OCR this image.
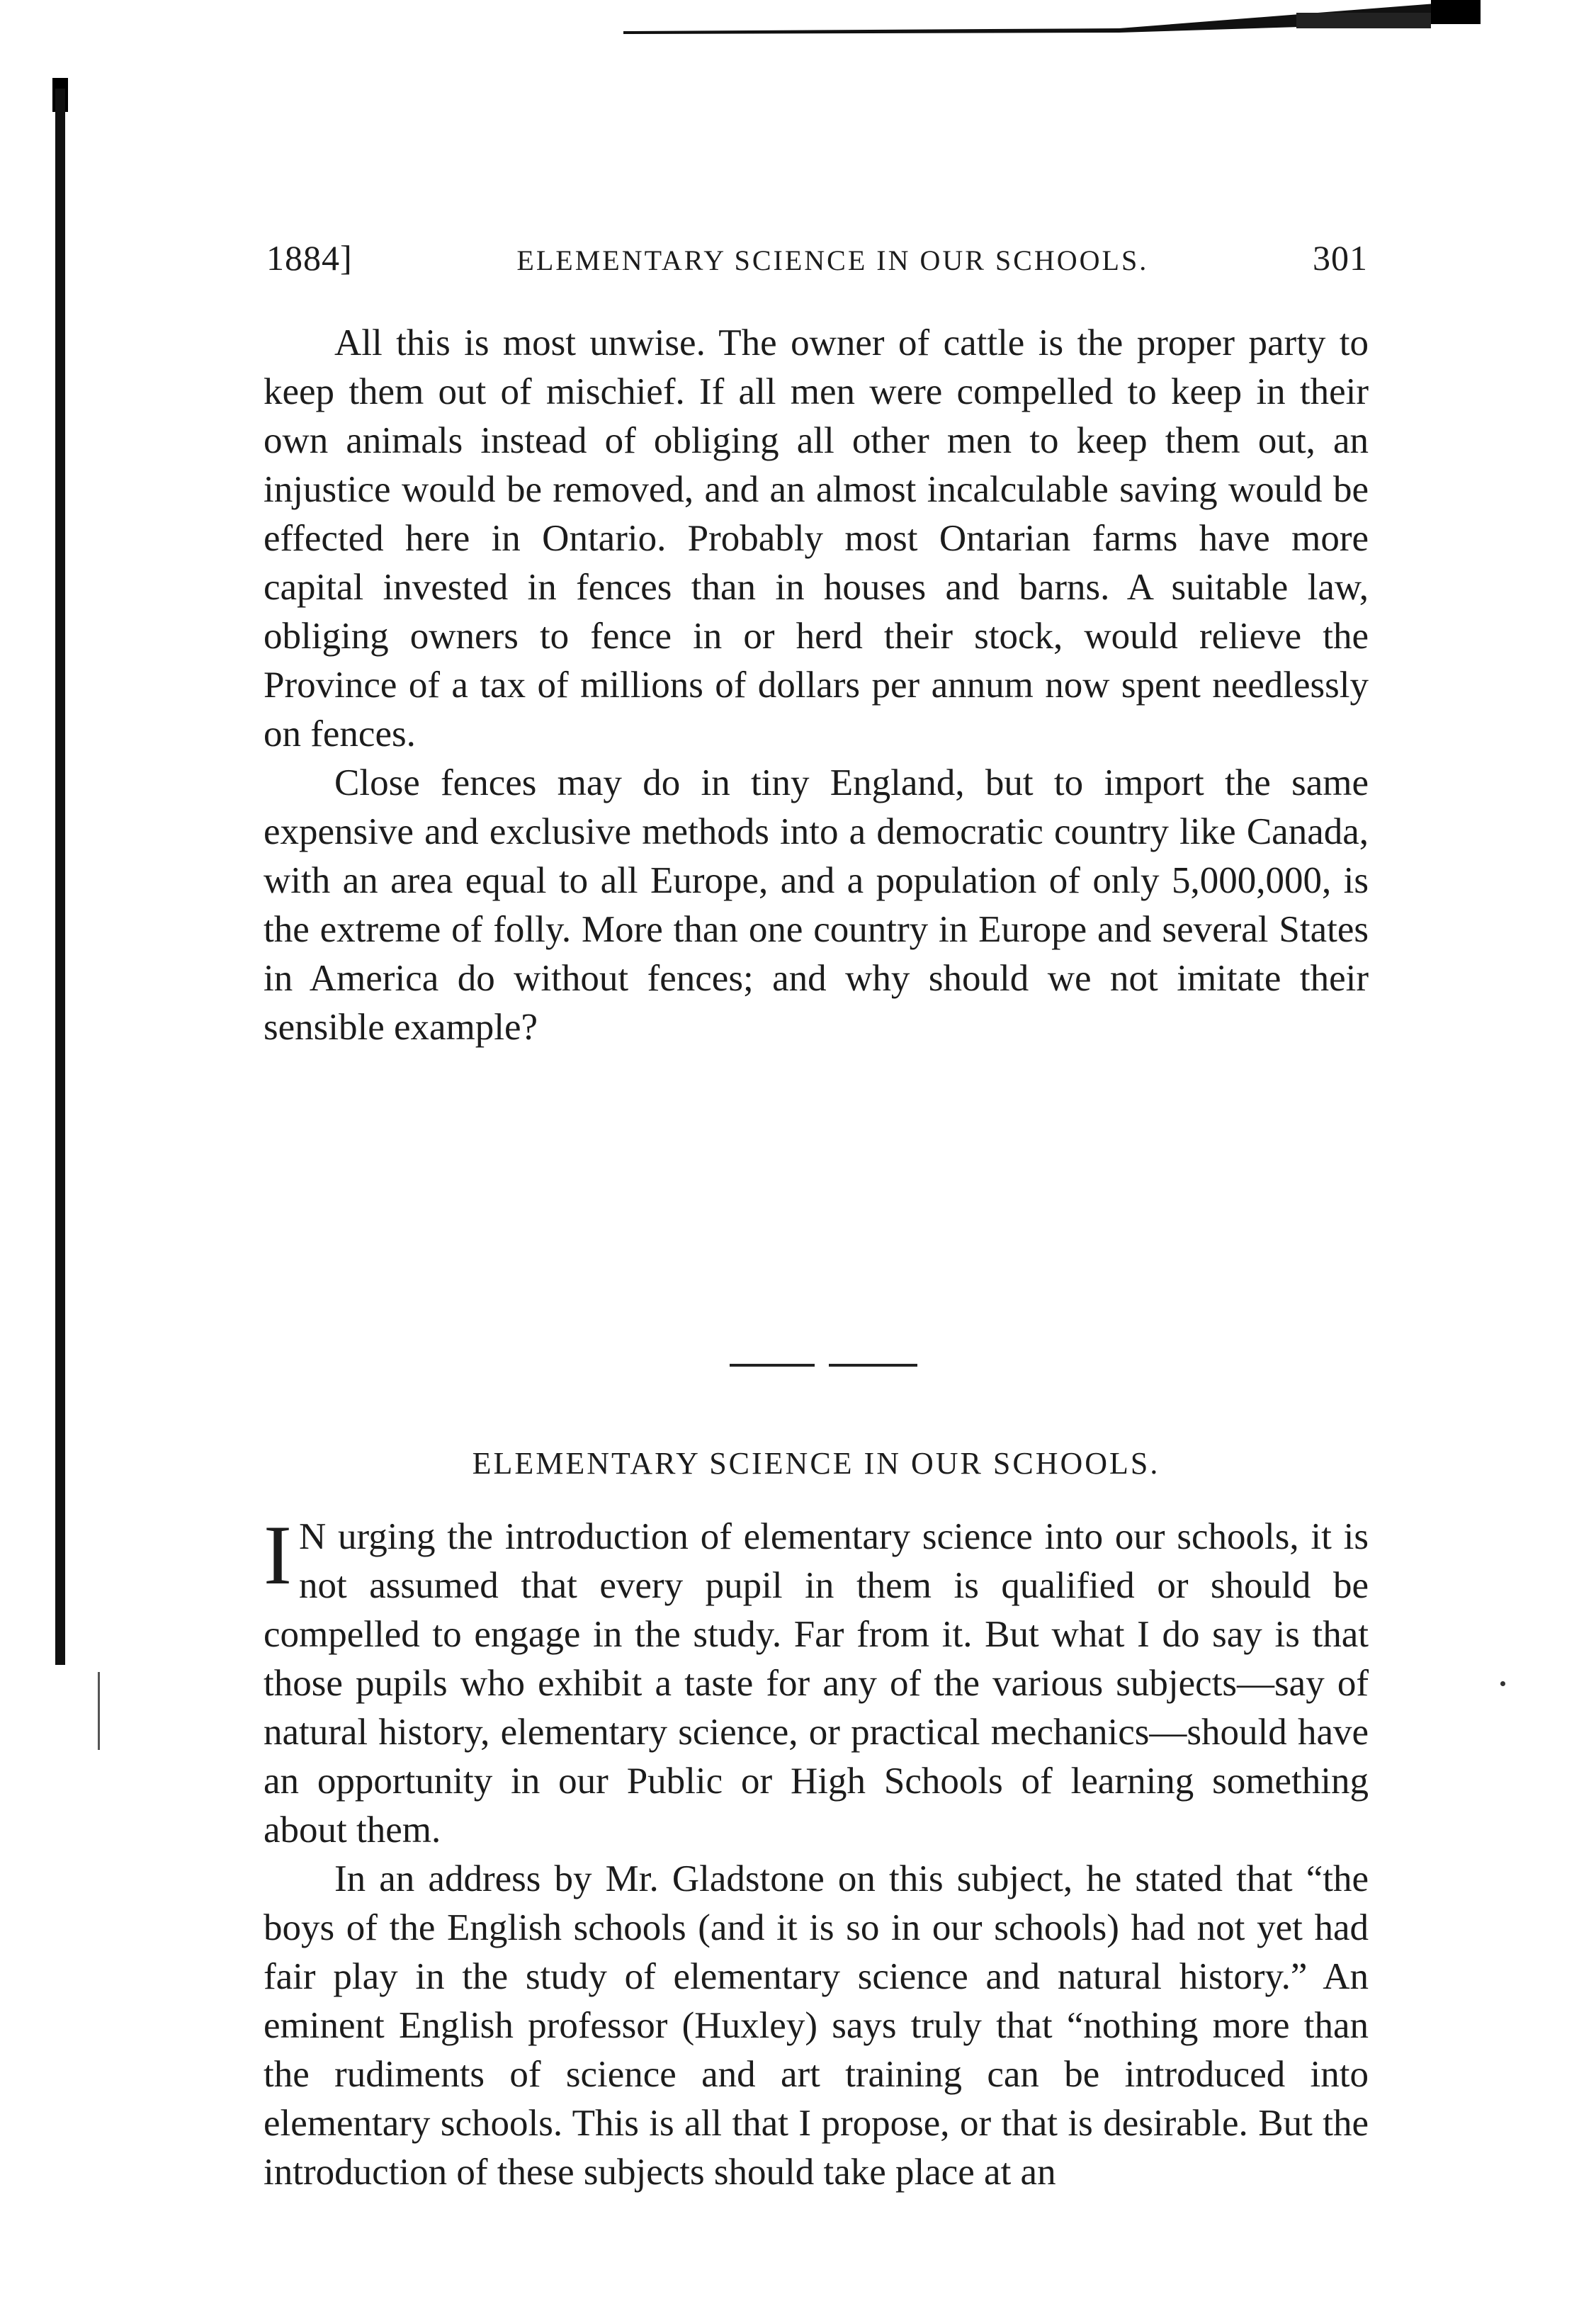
1884]	ELEMENTARY SCIENCE IN OUR SCHOOLS.	301

All this is most unwise. The owner of cattle is the proper party to keep them out of mischief. If all men were compelled to keep in their own animals instead of obliging all other men to keep them out, an injustice would be removed, and an almost incalculable saving would be effected here in Ontario. Probably most Ontarian farms have more capital invested in fences than in houses and barns. A suitable law, obliging owners to fence in or herd their stock, would relieve the Province of a tax of millions of dollars per annum now spent needlessly on fences.

Close fences may do in tiny England, but to import the same expensive and exclusive methods into a democratic country like Canada, with an area equal to all Europe, and a population of only 5,000,000, is the extreme of folly. More than one country in Europe and several States in America do without fences; and why should we not imitate their sensible example?

ELEMENTARY SCIENCE IN OUR SCHOOLS.

I N urging the introduction of elementary science into our schools, it is not assumed that every pupil in them is qualified or should be compelled to engage in the study. Far from it. But what I do say is that those pupils who exhibit a taste for any of the various subjects—say of natural history, elementary science, or practical mechanics—should have an opportunity in our Public or High Schools of learning something about them.

In an address by Mr. Gladstone on this subject, he stated that “the boys of the English schools (and it is so in our schools) had not yet had fair play in the study of elementary science and natural history.” An eminent English professor (Huxley) says truly that “nothing more than the rudiments of science and art training can be introduced into elementary schools. This is all that I propose, or that is desirable. But the introduction of these subjects should take place at an
